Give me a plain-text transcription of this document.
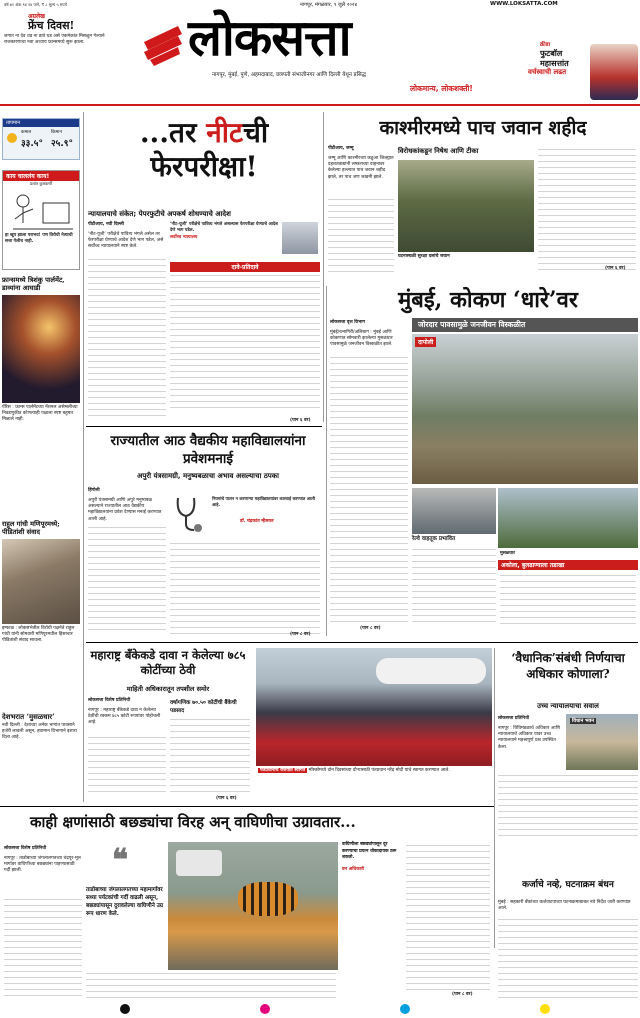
वर्ष ७२ अंक ९४ १४ पाने, ₹ ८ मूल्य ५ रुपये	नागपूर, मंगळवार, ९ जुलै २०२४	WWW.LOKSATTA.COM
अग्रलेख
फ्रेंच दिवस!
जगात ना देव धड ना डावे धड असे एकमेकांत मिसळून गेल्याने राजकारणाचा नवा अध्याय फ्रान्समध्ये सुरू झाला.	लोकसत्ता
नागपूर, मुंबई, पुणे, अहमदाबाद, छत्रपती संभाजीनगर आणि दिल्ली येथून प्रसिद्ध
लोकमान्य, लोकशक्ती!
क्रीडा
फुटबॉल
महासत्तांत
वर्चस्वाची लढत
तापमान
कमाल
३३.५°
किमान
२५.९°
काय चाललंय काय!
प्रशांत कुलकर्णी
हा खूप झाला पराभव! पण विरोधी नेत्याची सत्ता गेलीच नाही.
फ्रान्समध्ये त्रिशंकु पार्लमेंट, डाव्यांना आघाडी
पॅरिस : फ्रान्स पार्लमेंटच्या नॅशनल असेम्ब्लीच्या निवडणुकीत कोणत्याही पक्षाला स्पष्ट बहुमत मिळाले नाही.
राहुल गांधी मणिपूरमध्ये; पीडितांशी संवाद
इम्फाळ : लोकसभेतील विरोधी पक्षनेते राहुल गांधी यांनी सोमवारी मणिपूरमधील हिंसाचार पीडितांशी संवाद साधला.
देशभरात ‘मुसळधार’
नवी दिल्ली : देशाच्या अनेक भागांत पावसाने हजेरी लावली असून, हवामान विभागाने इशारा दिला आहे.
...तर नीटची फेरपरीक्षा!
न्यायालयाचे संकेत; पेपरफुटीचे अपकर्ष शोधण्याचे आदेश
पीटीआय, नवी दिल्ली	‘नीट-यूजी’ परीक्षेचे पावित्र्य भंगले असल्यास फेरपरीक्षा घेण्याचे आदेश देणे भाग पडेल.
सर्वोच्च न्यायालय
दावे-प्रतिदावे
‘नीट-यूजी’ परीक्षेचे पावित्र्य भंगले असेल तर फेरपरीक्षा घेण्याचे आदेश देणे भाग पडेल, असे सर्वोच्च न्यायालयाने स्पष्ट केले.
(पान ६ वर)
काश्मीरमध्ये पाच जवान शहीद
पीटीआय, जम्मू	विरोधकांकडून निषेध आणि टीका
घटनास्थळी सुरक्षा दलांचे जवान
जम्मू आणि काश्मीरच्या कठुआ जिल्ह्यात दहशतवाद्यांनी लष्कराच्या वाहनावर केलेल्या हल्ल्यात पाच जवान शहीद झाले, तर पाच जण जखमी झाले.
(पान ६ वर)
मुंबई, कोकण ‘धारे’वर
जोरदार पावसामुळे जनजीवन विस्कळीत
दापोली
रेल्वे वाहतूक प्रभावित
मुसळधार
अकोला, बुलढाण्याला तडाखा
लोकसत्ता वृत्त विभाग
मुंबई/रत्नागिरी/अलिबाग : मुंबई आणि कोकणात सोमवारी झालेल्या मुसळधार पावसामुळे जनजीवन विस्कळीत झाले.
(पान ८ वर)
राज्यातील आठ वैद्यकीय महाविद्यालयांना प्रवेशमनाई
अपुरी यंत्रसामग्री, मनुष्यबळाचा अभाव असल्याचा ठपका
हिंगोली
नियमांचे पालन न करणाऱ्या महाविद्यालयांवर कारवाई करण्यात आली आहे.
डॉ. चंद्रकांत म्हैसकर
अपुरी यंत्रसामग्री आणि अपुरे मनुष्यबळ असल्याने राज्यातील आठ वैद्यकीय महाविद्यालयांना प्रवेश देण्यास मनाई करण्यात आली आहे.
(पान ८ वर)
महाराष्ट्र बँकेकडे दावा न केलेल्या ७८५ कोटींच्या ठेवी
माहिती अधिकारातून तपशील समोर
लोकसत्ता विशेष प्रतिनिधी	वर्षागणिक ७०.५० कोटींची बैंकेची पडसाद
नागपूर : महाराष्ट्र बँकेकडे दावा न केलेल्या ठेवींची रक्कम ७८५ कोटी रुपयांवर पोहोचली आहे.
(पान ६ वर)
पंतप्रधानांचे रशियात स्वागत मॉस्कोमध्ये दोन दिवसांच्या दौऱ्यासाठी पंतप्रधान नरेंद्र मोदी यांचे स्वागत करण्यात आले.
‘वैधानिक’संबंधी निर्णयाचा अधिकार कोणाला?
उच्च न्यायालयाचा सवाल
लोकसत्ता प्रतिनिधी	विधान भवन
नागपूर : विधिमंडळाचे अधिकार आणि न्यायालयाचे अधिकार यावर उच्च न्यायालयाने महत्त्वपूर्ण प्रश्न उपस्थित केला.
काही क्षणांसाठी बछड्यांचा विरह अन् वाघिणीचा उग्रावतार...
लोकसत्ता विशेष प्रतिनिधी
नागपूर : ताडोबाच्या जंगलालगतच्या चंद्रपूर-मूल मार्गावर वाघिणीच्या बछड्यांना पाहण्यासाठी गर्दी झाली.	❝
ताडोबाच्या जंगलालगतच्या महामार्गावर सध्या पर्यटकांची गर्दी वाढली असून, बछड्यांपासून दुरावलेल्या वाघिणीने उग्र रूप धारण केले.
वाघिणीला बछड्यांपासून दूर करण्याचा प्रयत्न धोकादायक ठरू शकतो.
वन अधिकारी
(पान ८ वर)
कर्जाचे नव्हे, घटनाक्रम बंधन
मुंबई : सहकारी बँकांच्या कर्जवाटपाच्या घटनाक्रमाबाबत नवे निर्देश जारी करण्यात आले.
